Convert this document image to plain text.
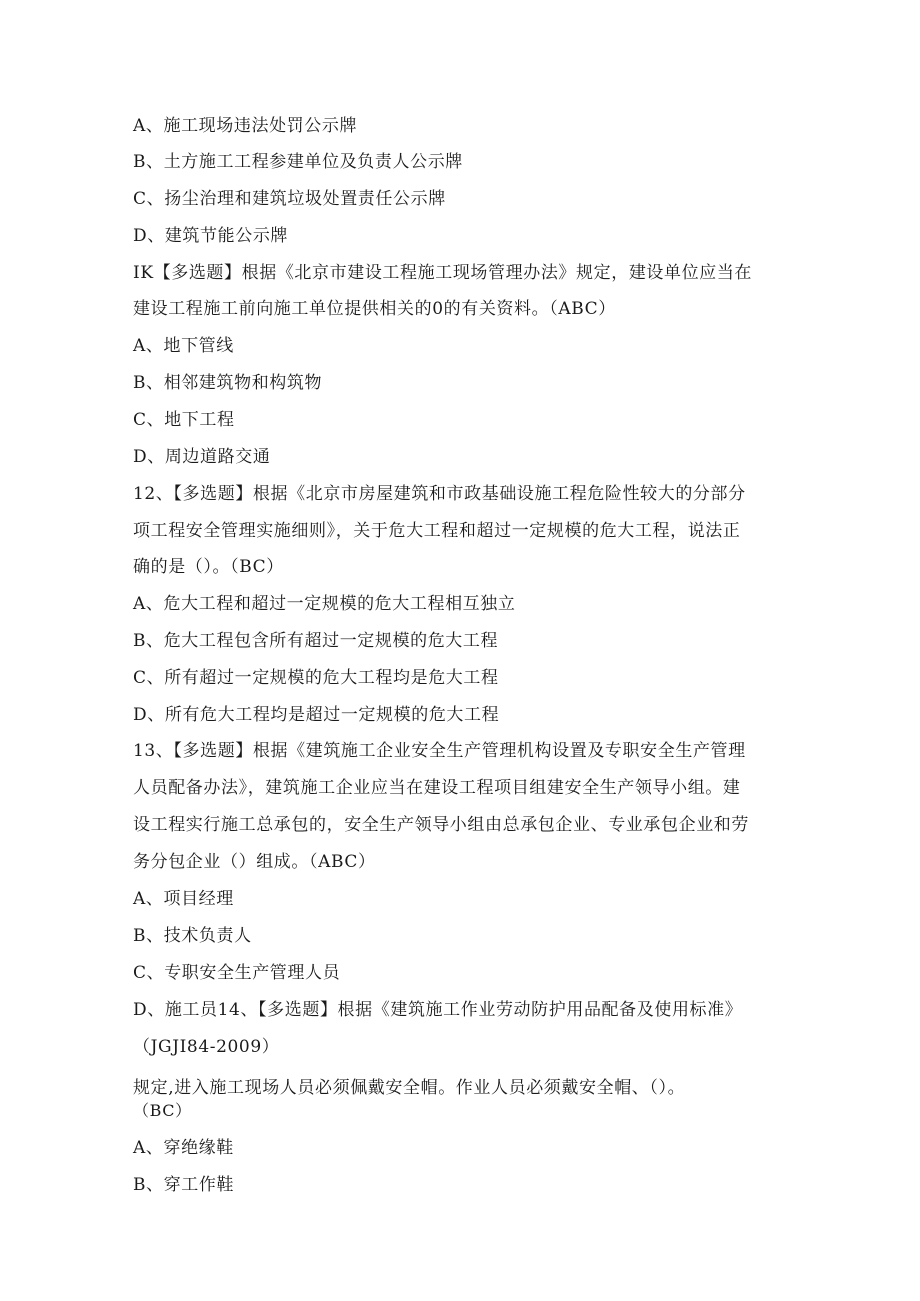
A、施工现场违法处罚公示牌
B、土方施工工程参建单位及负责人公示牌
C、扬尘治理和建筑垃圾处置责任公示牌
D、建筑节能公示牌
IK【多选题】根据《北京市建设工程施工现场管理办法》规定，建设单位应当在
建设工程施工前向施工单位提供相关的0的有关资料。（ABC）
A、地下管线
B、相邻建筑物和构筑物
C、地下工程
D、周边道路交通
12、【多选题】根据《北京市房屋建筑和市政基础设施工程危险性较大的分部分
项工程安全管理实施细则》，关于危大工程和超过一定规模的危大工程，说法正
确的是（）。（BC）
A、危大工程和超过一定规模的危大工程相互独立
B、危大工程包含所有超过一定规模的危大工程
C、所有超过一定规模的危大工程均是危大工程
D、所有危大工程均是超过一定规模的危大工程
13、【多选题】根据《建筑施工企业安全生产管理机构设置及专职安全生产管理
人员配备办法》，建筑施工企业应当在建设工程项目组建安全生产领导小组。建
设工程实行施工总承包的，安全生产领导小组由总承包企业、专业承包企业和劳
务分包企业（）组成。（ABC）
A、项目经理
B、技术负责人
C、专职安全生产管理人员
D、施工员14、【多选题】根据《建筑施工作业劳动防护用品配备及使用标准》
（JGJI84-2009）
规定,进入施工现场人员必须佩戴安全帽。作业人员必须戴安全帽、（）。
（BC）
A、穿绝缘鞋
B、穿工作鞋
